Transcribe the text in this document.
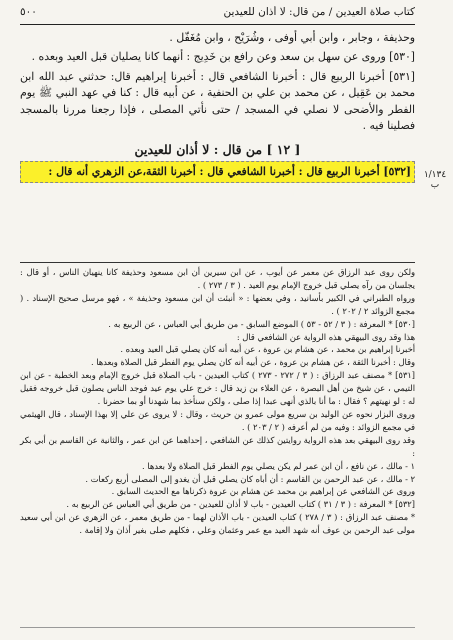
كتاب صلاة العيدين / من قال: لا أذان للعيدين
٥٠٠
١/١٣٤
ب

وحذيفة ، وجابر ، وابن أبي أوفى ، وشُرَيْح ، وابن مُغَفّل .

[٥٣٠] وروى عن سهل بن سعد وعن رافع بن خَدِيج : أنهما كانا يصليان قبل العيد وبعده .

[٥٣١] أخبرنا الربيع قال : أخبرنا الشافعي قال : أخبرنا إبراهيم قال: حدثني عبد الله ابن محمد بن عَقِيل ، عن محمد بن علي بن الحنفية ، عن أبيه قال : كنا في عهد النبي ﷺ يوم الفطر والأضحى لا نصلي في المسجد / حتى نأتي المصلى ، فإذا رجعنا مررنا بالمسجد فصلينا فيه .

[ ١٢ ] من قال : لا أذان للعيدين
[٥٣٢] أخبرنا الربيع قال : أخبرنا الشافعي قال : أخبرنا الثقة،عن الزهري أنه قال :

ولكن روى عبد الرزاق عن معمر عن أيوب ، عن ابن سيرين أن ابن مسعود وحذيفة كانا ينهيان الناس ، أو قال : يجلسان من رآه يصلي قبل خروج الإمام يوم العيد . ( ٣ / ٢٧٣ ) .

ورواه الطبراني في الكبير بأسانيد ، وفي بعضها : « أنبئت أن ابن مسعود وحذيفة » ، فهو مرسل صحيح الإسناد . ( مجمع الزوائد ٢ / ٢٠٢ ) .

[٥٣٠] * المعرفة : ( ٣ / ٥٢ - ٥٣ ) الموضع السابق - من طريق أبي العباس ، عن الربيع به .

هذا وقد روى البيهقي هذه الرواية عن الشافعي قال :

أخبرنا إبراهيم بن محمد ، عن هشام بن عروة ، عن أبيه أنه كان يصلي قبل العيد وبعده .

وقال : أخبرنا الثقة ، عن هشام بن عروة ، عن أبيه أنه كان يصلي يوم الفطر قبل الصلاة وبعدها .

[٥٣١] * مصنف عبد الرزاق : ( ٣ / ٢٧٢ - ٢٧٣ ) كتاب العيدين - باب الصلاة قبل خروج الإمام وبعد الخطبة - عن ابن التيمي ، عن شيخ من أهل البصرة ، عن العلاء بن زيد قال : خرج علي يوم عيد فوجد الناس يصلون قبل خروجه فقيل له : لو نهيتهم ؟ فقال : ما أنا بالذي أنهى عبدا إذا صلى ، ولكن سنأخذ بما شهدنا أو بما حضرنا .

وروى البزار نحوه عن الوليد بن سريع مولى عمرو بن حريث ، وقال : لا يروى عن علي إلا بهذا الإسناد ، قال الهيثمي في مجمع الزوائد : وفيه من لم أعرفه ( ٢ / ٢٠٣ ) .

وقد روى البيهقي بعد هذه الرواية روايتين كذلك عن الشافعي ، إحداهما عن ابن عمر ، والثانية عن القاسم بن أبي بكر :

١ - مالك ، عن نافع ، أن ابن عمر لم يكن يصلي يوم الفطر قبل الصلاة ولا بعدها .

٢ - مالك ، عن عبد الرحمن بن القاسم : أن أباه كان يصلي قبل أن يغدو إلى المصلى أربع ركعات .

وروى عن الشافعي عن إبراهيم بن محمد عن هشام بن عروة ذكرناها مع الحديث السابق .

[٥٣٢] * المعرفة : ( ٣ / ٣١ ) كتاب العيدين - باب لا أذان للعيدين - من طريق أبي العباس عن الربيع به .

* مصنف عبد الرزاق : ( ٣ / ٢٧٨ ) كتاب العيدين - باب الأذان لهما - من طريق معمر ، عن الزهري عن ابن أبي سعيد مولى عبد الرحمن بن عوف أنه شهد العيد مع عمر وعثمان وعلي ، فكلهم صلى بغير أذان ولا إقامة .
